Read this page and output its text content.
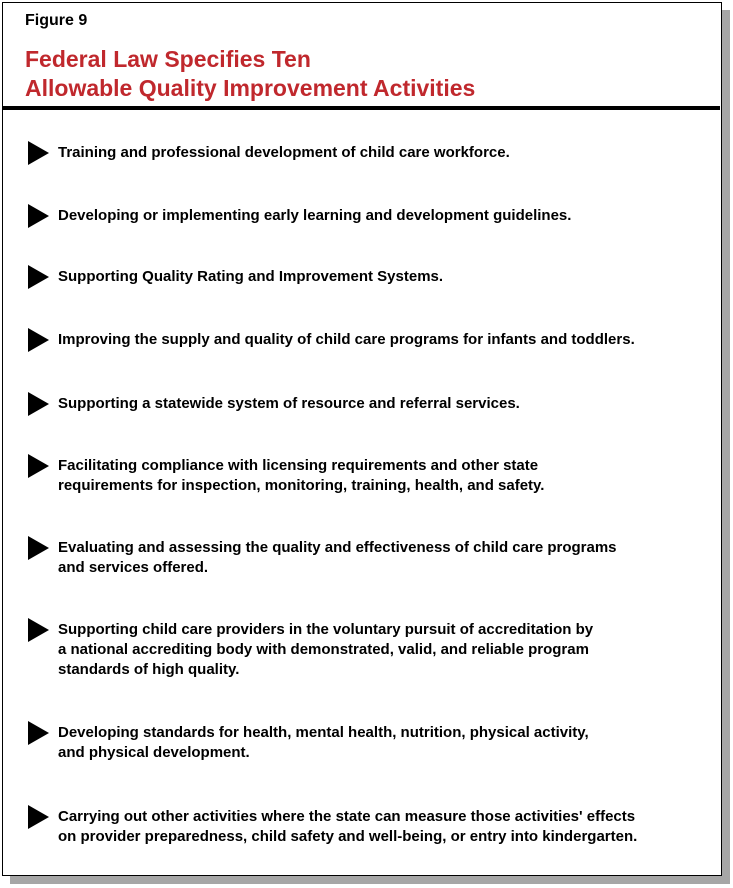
Figure 9
Federal Law Specifies Ten
Allowable Quality Improvement Activities
Training and professional development of child care workforce.
Developing or implementing early learning and development guidelines.
Supporting Quality Rating and Improvement Systems.
Improving the supply and quality of child care programs for infants and toddlers.
Supporting a statewide system of resource and referral services.
Facilitating compliance with licensing requirements and other state
requirements for inspection, monitoring, training, health, and safety.
Evaluating and assessing the quality and effectiveness of child care programs
and services offered.
Supporting child care providers in the voluntary pursuit of accreditation by
a national accrediting body with demonstrated, valid, and reliable program
standards of high quality.
Developing standards for health, mental health, nutrition, physical activity,
and physical development.
Carrying out other activities where the state can measure those activities' effects
on provider preparedness, child safety and well-being, or entry into kindergarten.
